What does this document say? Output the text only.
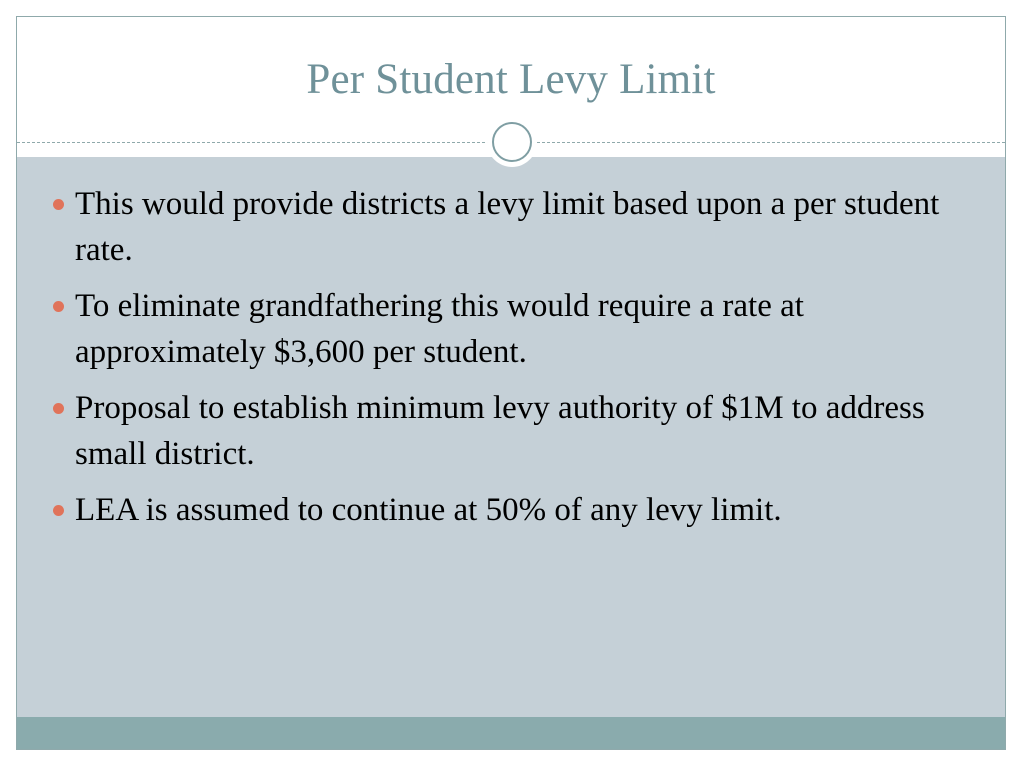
Per Student Levy Limit
This would provide districts a levy limit based upon a per student rate.
To eliminate grandfathering this would require a rate at approximately $3,600 per student.
Proposal to establish minimum levy authority of $1M to address small district.
LEA is assumed to continue at 50% of any levy limit.
